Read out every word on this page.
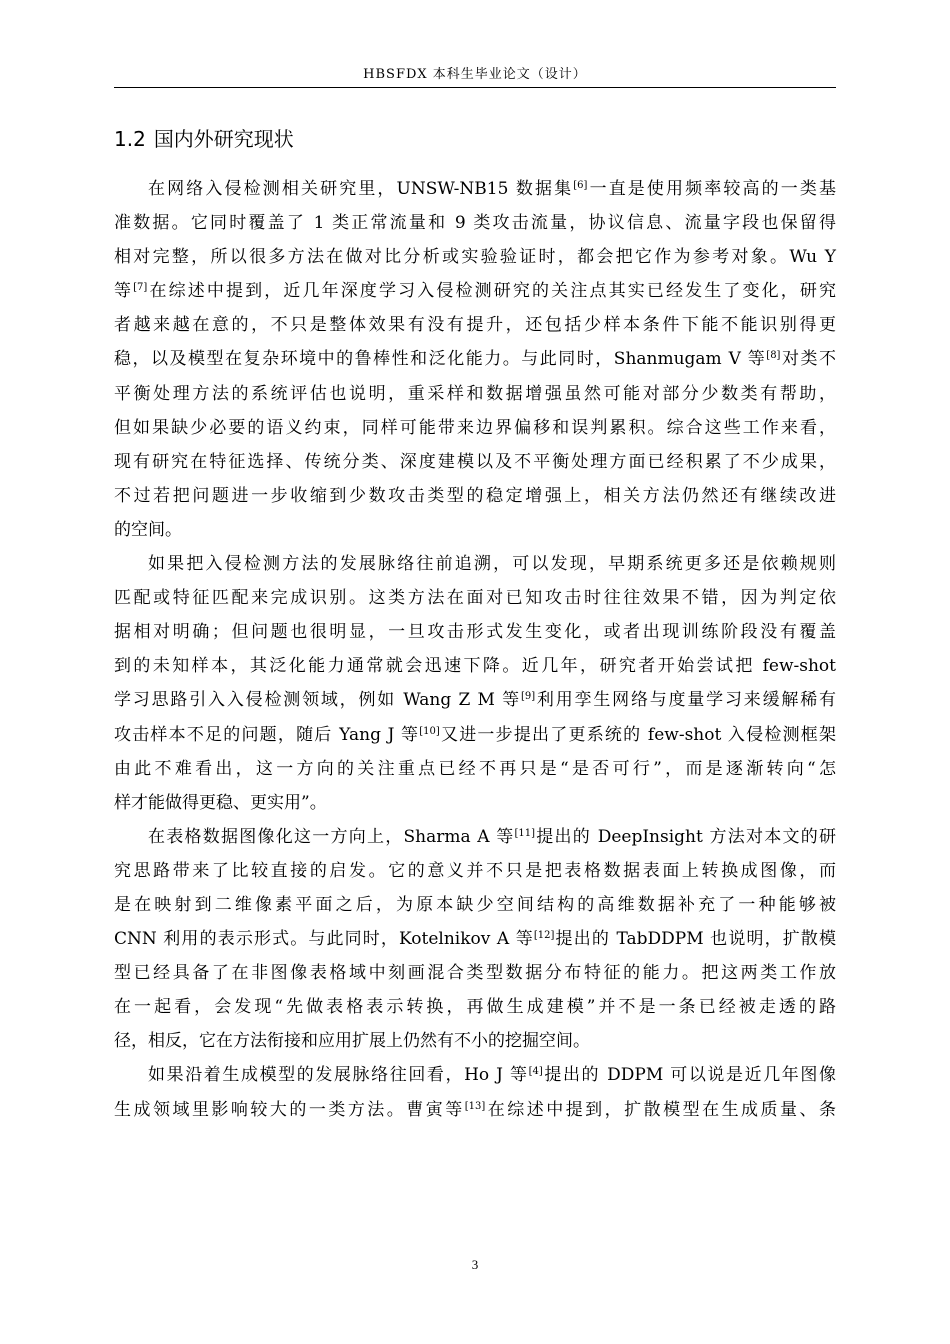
HBSFDX 本科生毕业论文（设计）
1.2 国内外研究现状
在网络入侵检测相关研究里，UNSW-NB15 数据集[6]一直是使用频率较高的一类基
准数据。它同时覆盖了 1 类正常流量和 9 类攻击流量，协议信息、流量字段也保留得
相对完整，所以很多方法在做对比分析或实验验证时，都会把它作为参考对象。Wu Y
等[7]在综述中提到，近几年深度学习入侵检测研究的关注点其实已经发生了变化，研究
者越来越在意的，不只是整体效果有没有提升，还包括少样本条件下能不能识别得更
稳，以及模型在复杂环境中的鲁棒性和泛化能力。与此同时，Shanmugam V 等[8]对类不
平衡处理方法的系统评估也说明，重采样和数据增强虽然可能对部分少数类有帮助，
但如果缺少必要的语义约束，同样可能带来边界偏移和误判累积。综合这些工作来看，
现有研究在特征选择、传统分类、深度建模以及不平衡处理方面已经积累了不少成果，
不过若把问题进一步收缩到少数攻击类型的稳定增强上，相关方法仍然还有继续改进
的空间。
如果把入侵检测方法的发展脉络往前追溯，可以发现，早期系统更多还是依赖规则
匹配或特征匹配来完成识别。这类方法在面对已知攻击时往往效果不错，因为判定依
据相对明确；但问题也很明显，一旦攻击形式发生变化，或者出现训练阶段没有覆盖
到的未知样本，其泛化能力通常就会迅速下降。近几年，研究者开始尝试把 few-shot
学习思路引入入侵检测领域，例如 Wang Z M 等[9]利用孪生网络与度量学习来缓解稀有
攻击样本不足的问题，随后 Yang J 等[10]又进一步提出了更系统的 few-shot 入侵检测框架
由此不难看出，这一方向的关注重点已经不再只是“是否可行”，而是逐渐转向“怎
样才能做得更稳、更实用”。
在表格数据图像化这一方向上，Sharma A 等[11]提出的 DeepInsight 方法对本文的研
究思路带来了比较直接的启发。它的意义并不只是把表格数据表面上转换成图像，而
是在映射到二维像素平面之后，为原本缺少空间结构的高维数据补充了一种能够被
CNN 利用的表示形式。与此同时，Kotelnikov A 等[12]提出的 TabDDPM 也说明，扩散模
型已经具备了在非图像表格域中刻画混合类型数据分布特征的能力。把这两类工作放
在一起看，会发现“先做表格表示转换，再做生成建模”并不是一条已经被走透的路
径，相反，它在方法衔接和应用扩展上仍然有不小的挖掘空间。
如果沿着生成模型的发展脉络往回看，Ho J 等[4]提出的 DDPM 可以说是近几年图像
生成领域里影响较大的一类方法。曹寅等[13]在综述中提到，扩散模型在生成质量、条
3
